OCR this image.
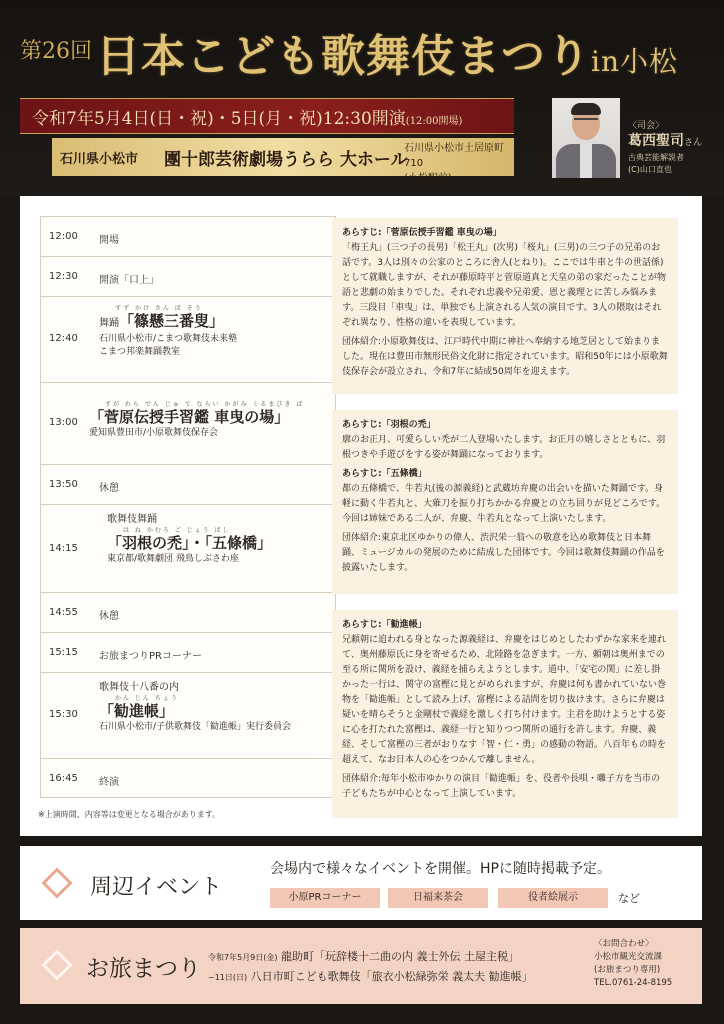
第26回 日本こども歌舞伎まつりin小松
令和7年5月4日(日・祝)・5日(月・祝)12:30開演(12:00開場)
石川県小松市 團十郎芸術劇場うらら 大ホール
石川県小松市土居原町710
(小松駅前)
〈司会〉
葛西聖司さん
古典芸能解説者
(C)山口直也
12:00 開場
12:30 開演「口上」
12:40
すず かけ さん ば そう
舞踊「篠懸三番叟」
石川県小松市/こまつ歌舞伎未来塾
こまつ邦楽舞踊教室
13:00
すが わら でん じゅ て ならい かがみ くるまびき ば
「菅原伝授手習鑑 車曳の場」
愛知県豊田市/小原歌舞伎保存会
13:50 休憩
14:15
歌舞伎舞踊
は ね かむろ ご じょう ばし
「羽根の禿」・「五條橋」
東京都/歌舞劇団 飛鳥しぶさわ座
14:55 休憩
15:15 お旅まつりPRコーナー
15:30
歌舞伎十八番の内
かん じん ちょう
「勧進帳」
石川県小松市/子供歌舞伎「勧進帳」実行委員会
16:45 終演
※上演時間、内容等は変更となる場合があります。

あらすじ:「菅原伝授手習鑑 車曳の場」
「梅王丸」(三つ子の長男)「松王丸」(次男)「桜丸」(三男)の三つ子の兄弟のお話です。3人は別々の公家のところに舎人(とねり)。ここでは牛車と牛の世話係)として就職しますが、それが藤原時平と菅原道真と天皇の弟の家だったことが物語と悲劇の始まりでした。それぞれ忠義や兄弟愛、恩と義理とに苦しみ悩みます。三段目「車曳」は、単独でも上演される人気の演目です。3人の隈取はそれぞれ異なり、性格の違いを表現しています。

団体紹介:小原歌舞伎は、江戸時代中期に神社へ奉納する地芝居として始まりました。現在は豊田市無形民俗文化財に指定されています。昭和50年には小原歌舞伎保存会が設立され、令和7年に結成50周年を迎えます。

あらすじ:「羽根の禿」
廓のお正月、可愛らしい禿が二人登場いたします。お正月の嬉しさとともに、羽根つきや手遊びをする姿が舞踊になっております。

あらすじ:「五條橋」
都の五條橋で、牛若丸(後の源義経)と武蔵坊弁慶の出会いを描いた舞踊です。身軽に動く牛若丸と、大薙刀を振り打ちかかる弁慶との立ち回りが見どころです。今回は姉妹である二人が、弁慶、牛若丸となって上演いたします。

団体紹介:東京北区ゆかりの偉人、渋沢栄一翁への敬意を込め歌舞伎と日本舞踊、ミュージカルの発展のために結成した団体です。今回は歌舞伎舞踊の作品を披露いたします。

あらすじ:「勧進帳」
兄頼朝に追われる身となった源義経は、弁慶をはじめとしたわずかな家来を連れて、奥州藤原氏に身を寄せるため、北陸路を急ぎます。一方、頼朝は奥州までの至る所に関所を設け、義経を捕らえようとします。道中、「安宅の関」に差し掛かった一行は、関守の富樫に見とがめられますが、弁慶は何も書かれていない巻物を「勧進帳」として読み上げ、富樫による詰問を切り抜けます。さらに弁慶は疑いを晴らそうと金剛杖で義経を激しく打ち付けます。主君を助けようとする姿に心を打たれた富樫は、義経一行と知りつつ関所の通行を許します。弁慶、義経、そして富樫の三者がおりなす「智・仁・勇」の感動の物語。八百年もの時を超えて、なお日本人の心をつかんで離しません。

団体紹介:毎年小松市ゆかりの演目「勧進帳」を、役者や長唄・囃子方を当市の子どもたちが中心となって上演しています。

周辺イベント
会場内で様々なイベントを開催。HPに随時掲載予定。
小原PRコーナー	日福来茶会	役者絵展示	など
お旅まつり 令和7年5月9日(金) 龍助町「玩辞楼十二曲の内 義士外伝 土屋主税」
~11日(日) 八日市町こども歌舞伎「旅衣小松緑弥栄 義太夫 勧進帳」
〈お問合わせ〉
小松市観光交流課
(お旅まつり専用)
TEL.0761-24-8195
